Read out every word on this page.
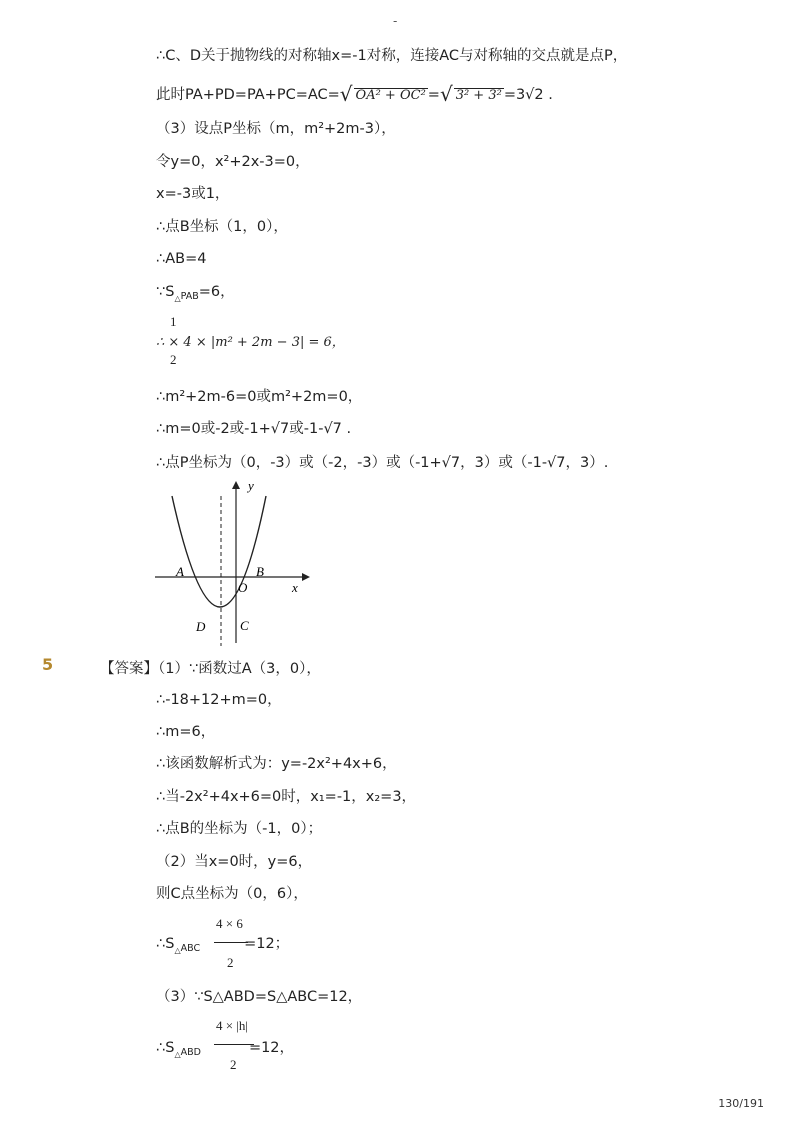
-
∴C、D关于抛物线的对称轴x=-1对称，连接AC与对称轴的交点就是点P，
此时PA+PD=PA+PC=AC=√ OA² + OC² =√ 3² + 3² =3√2 .
（3）设点P坐标（m，m²+2m-3），
令y=0，x²+2x-3=0，
x=-3或1，
∴点B坐标（1，0），
∴AB=4
$\because S_{_\triangle PAB}=6$，
1
∴ × 4 × |m² + 2m − 3| = 6，
2
∴m²+2m-6=0或m²+2m=0，
∴m=0或-2或-1+√7或-1-√7 .
∴点P坐标为（0，-3）或（-2，-3）或（-1+√7，3）或（-1-√7，3）.
y
x
A	B
O
D	C
5	【答案】（1）∵函数过A（3，0），
∴-18+12+m=0，
∴m=6，
∴该函数解析式为：y=-2x²+4x+6，
∴当-2x²+4x+6=0时，x₁=-1，x₂=3，
∴点B的坐标为（-1，0）；
（2）当x=0时，y=6，
则C点坐标为（0，6），
4 × 6
2
$\therefore S_{_\triangle ABC}$	=12；
（3）∵S△ABD=S△ABC=12，
4 × |h|
2
$\therefore S_{_\triangle ABD}$	=12，
130/191
